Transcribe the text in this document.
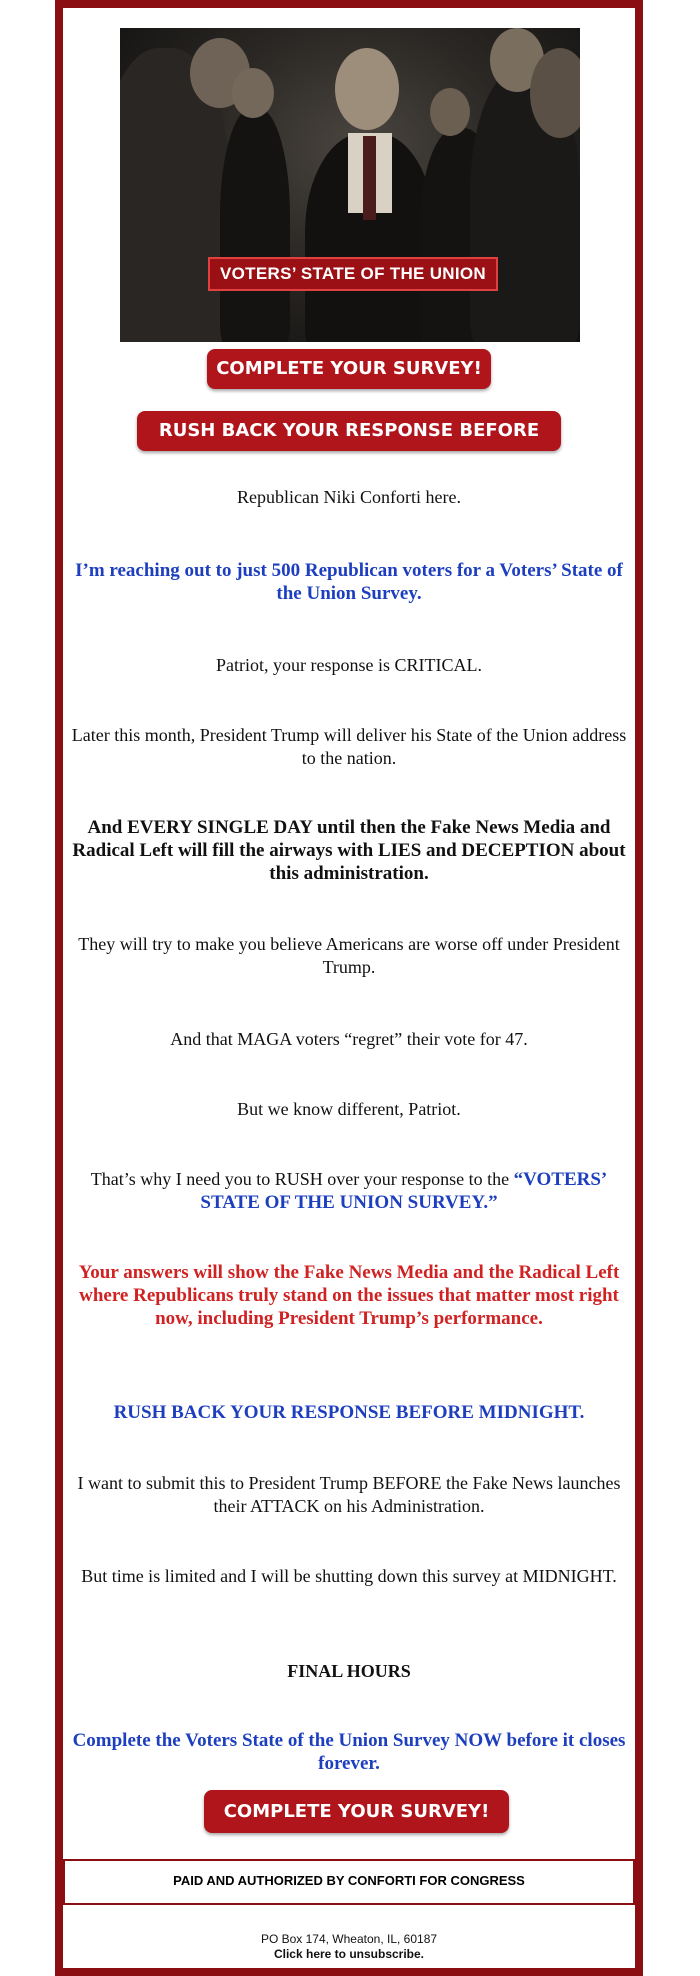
VOTERS’ STATE OF THE UNION
COMPLETE YOUR SURVEY!
RUSH BACK YOUR RESPONSE BEFORE MIDNIGHT!
Republican Niki Conforti here.
I’m reaching out to just 500 Republican voters for a Voters’ State of the Union Survey.
Patriot, your response is CRITICAL.
Later this month, President Trump will deliver his State of the Union address to the nation.
And EVERY SINGLE DAY until then the Fake News Media and Radical Left will fill the airways with LIES and DECEPTION about this administration.
They will try to make you believe Americans are worse off under President Trump.
And that MAGA voters “regret” their vote for 47.
But we know different, Patriot.
That’s why I need you to RUSH over your response to the “VOTERS’ STATE OF THE UNION SURVEY.”
Your answers will show the Fake News Media and the Radical Left where Republicans truly stand on the issues that matter most right now, including President Trump’s performance.
RUSH BACK YOUR RESPONSE BEFORE MIDNIGHT.
I want to submit this to President Trump BEFORE the Fake News launches their ATTACK on his Administration.
But time is limited and I will be shutting down this survey at MIDNIGHT.
FINAL HOURS
Complete the Voters State of the Union Survey NOW before it closes forever.
COMPLETE YOUR SURVEY!
PAID AND AUTHORIZED BY CONFORTI FOR CONGRESS
PO Box 174, Wheaton, IL, 60187
Click here to unsubscribe.
